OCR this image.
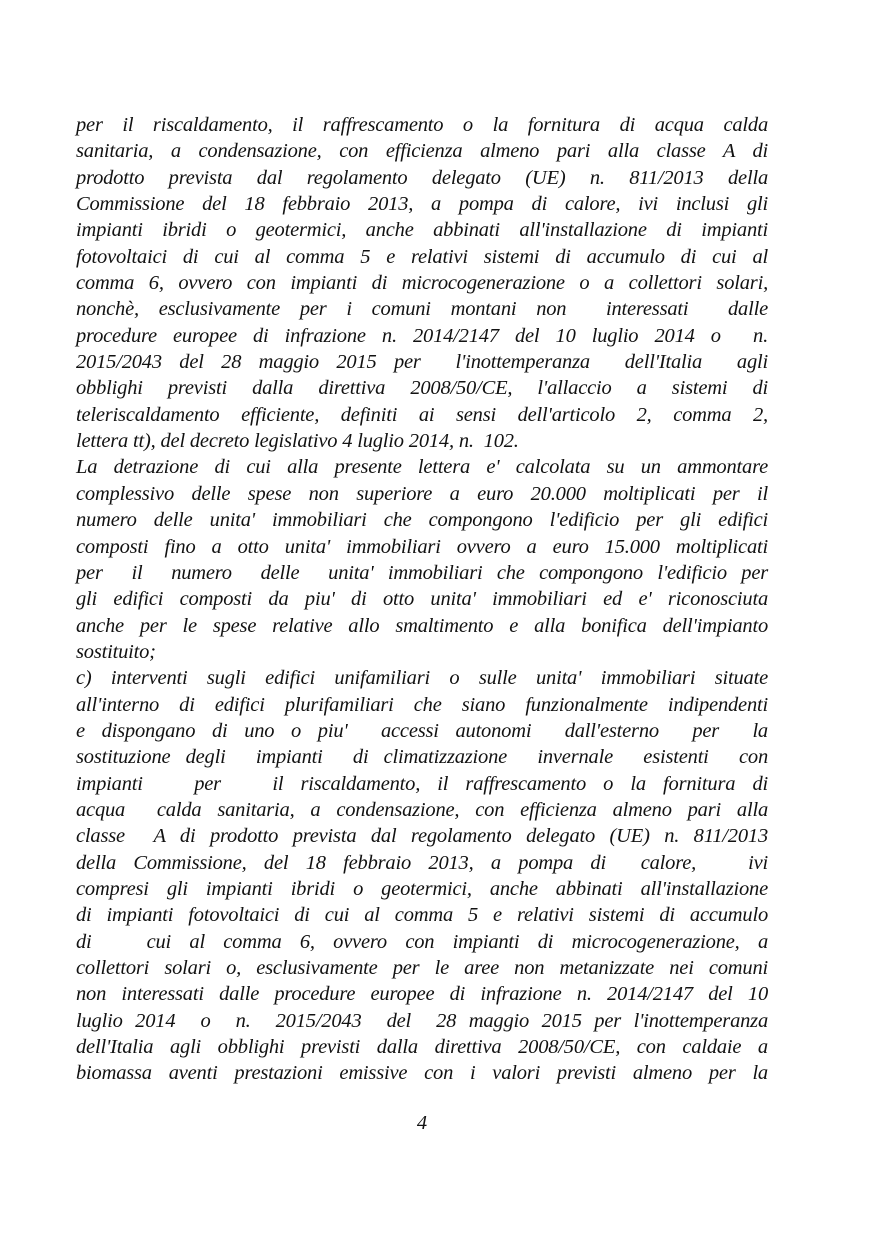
per il riscaldamento, il raffrescamento o la fornitura di acqua calda
sanitaria, a condensazione, con efficienza almeno pari alla classe A di
prodotto prevista dal regolamento delegato (UE) n. 811/2013 della
Commissione del 18 febbraio 2013, a pompa di calore, ivi inclusi gli
impianti ibridi o geotermici, anche abbinati all'installazione di impianti
fotovoltaici di cui al comma 5 e relativi sistemi di accumulo di cui al
comma 6, ovvero con impianti di microcogenerazione o a collettori solari,
nonchè, esclusivamente per i comuni montani non  interessati  dalle
procedure europee di infrazione n. 2014/2147 del 10 luglio 2014 o  n.
2015/2043 del 28 maggio 2015 per  l'inottemperanza  dell'Italia  agli
obblighi previsti dalla direttiva 2008/50/CE, l'allaccio a sistemi di
teleriscaldamento efficiente, definiti ai sensi dell'articolo 2, comma 2,
lettera tt), del decreto legislativo 4 luglio 2014, n.  102.
La detrazione di cui alla presente lettera e' calcolata su un ammontare
complessivo delle spese non superiore a euro 20.000 moltiplicati per il
numero delle unita' immobiliari che compongono l'edificio per gli edifici
composti fino a otto unita' immobiliari ovvero a euro 15.000 moltiplicati
per  il  numero  delle  unita' immobiliari che compongono l'edificio per
gli edifici composti da piu' di otto unita' immobiliari ed e' riconosciuta
anche per le spese relative allo smaltimento e alla bonifica dell'impianto
sostituito;
c) interventi sugli edifici unifamiliari o sulle unita' immobiliari situate
all'interno di edifici plurifamiliari che siano funzionalmente indipendenti
e dispongano di uno o piu'  accessi autonomi  dall'esterno  per  la
sostituzione degli  impianti  di climatizzazione  invernale  esistenti  con
impianti   per   il riscaldamento, il raffrescamento o la fornitura di
acqua  calda sanitaria, a condensazione, con efficienza almeno pari alla
classe  A di prodotto prevista dal regolamento delegato (UE) n. 811/2013
della Commissione, del 18 febbraio 2013, a pompa di  calore,   ivi
compresi gli impianti ibridi o geotermici, anche abbinati all'installazione
di impianti fotovoltaici di cui al comma 5 e relativi sistemi di accumulo
di   cui al comma 6, ovvero con impianti di microcogenerazione, a
collettori solari o, esclusivamente per le aree non metanizzate nei comuni
non interessati dalle procedure europee di infrazione n. 2014/2147 del 10
luglio 2014  o  n.  2015/2043  del  28 maggio 2015 per l'inottemperanza
dell'Italia agli obblighi previsti dalla direttiva 2008/50/CE, con caldaie a
biomassa aventi prestazioni emissive con i valori previsti almeno per la
4
